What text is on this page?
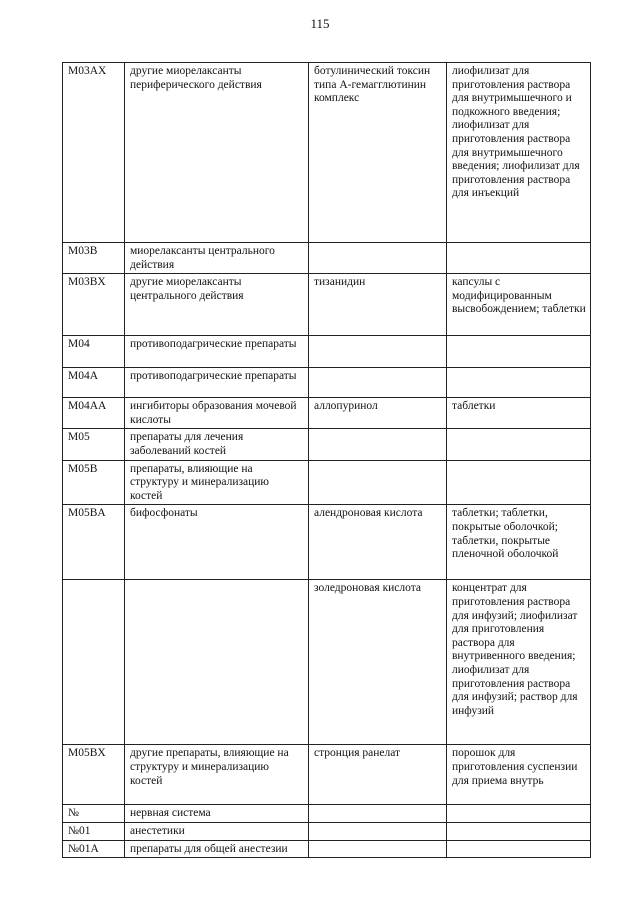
115
M03AX	другие миорелаксанты периферического действия	ботулинический токсин типа А-гемагглютинин комплекс	лиофилизат для приготовления раствора для внутримышечного и подкожного введения; лиофилизат для приготовления раствора для внутримышечного введения; лиофилизат для приготовления раствора для инъекций
M03B	миорелаксанты центрального действия		
M03BX	другие миорелаксанты центрального действия	тизанидин	капсулы с модифицированным высвобождением; таблетки
M04	противоподагрические препараты		
M04A	противоподагрические препараты		
M04AA	ингибиторы образования мочевой кислоты	аллопуринол	таблетки
M05	препараты для лечения заболеваний костей		
M05B	препараты, влияющие на структуру и минерализацию костей		
M05BA	бифосфонаты	алендроновая кислота	таблетки; таблетки, покрытые оболочкой; таблетки, покрытые пленочной оболочкой
		золедроновая кислота	концентрат для приготовления раствора для инфузий; лиофилизат для приготовления раствора для внутривенного введения; лиофилизат для приготовления раствора для инфузий; раствор для инфузий
M05BX	другие препараты, влияющие на структуру и минерализацию костей	стронция ранелат	порошок для приготовления суспензии для приема внутрь
№	нервная система		
№01	анестетики		
№01A	препараты для общей анестезии		
